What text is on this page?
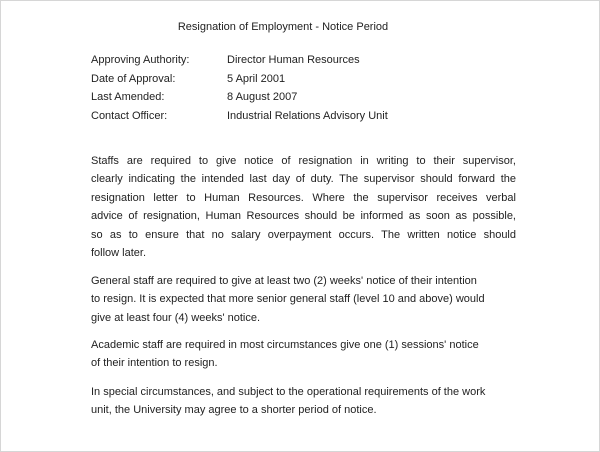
Resignation of Employment - Notice Period
Approving Authority:	Director Human Resources
Date of Approval:	5 April 2001
Last Amended:	8 August 2007
Contact Officer:	Industrial Relations Advisory Unit
Staffs are required to give notice of resignation in writing to their supervisor,
clearly indicating the intended last day of duty. The supervisor should forward the
resignation letter to Human Resources. Where the supervisor receives verbal
advice of resignation, Human Resources should be informed as soon as possible,
so as to ensure that no salary overpayment occurs. The written notice should
follow later.
General staff are required to give at least two (2) weeks' notice of their intention
to resign. It is expected that more senior general staff (level 10 and above) would
give at least four (4) weeks' notice.
Academic staff are required in most circumstances give one (1) sessions' notice
of their intention to resign.
In special circumstances, and subject to the operational requirements of the work
unit, the University may agree to a shorter period of notice.
